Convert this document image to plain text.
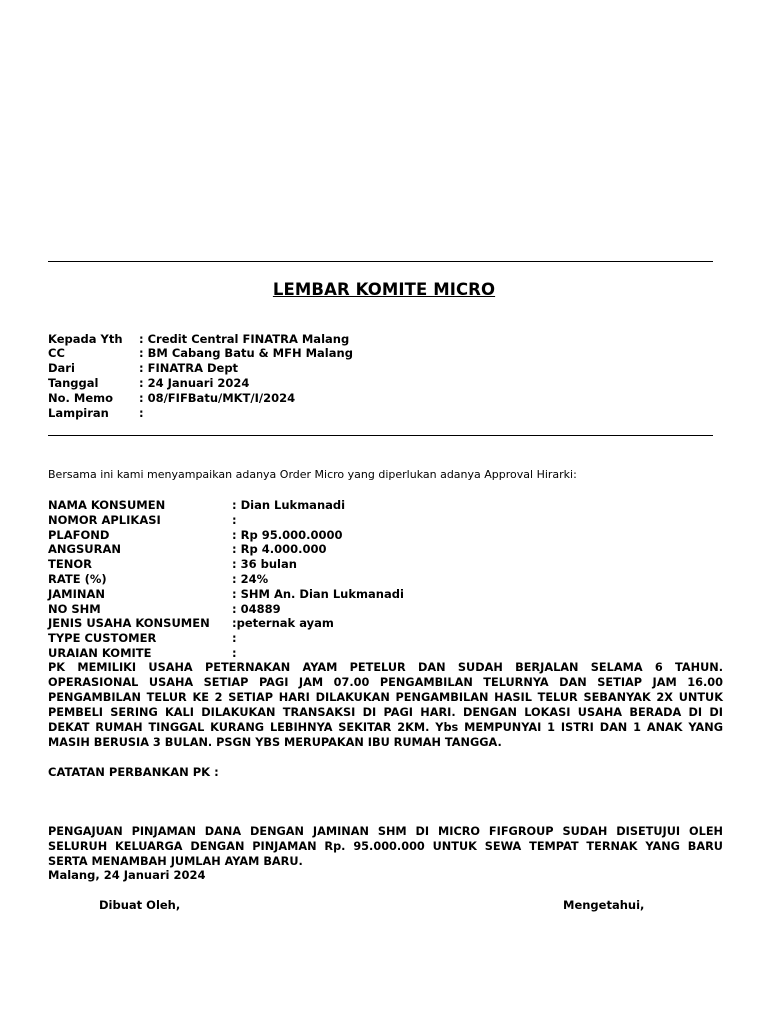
LEMBAR KOMITE MICRO
Kepada Yth : Credit Central FINATRA Malang
CC	: BM Cabang Batu & MFH Malang
Dari	: FINATRA Dept
Tanggal	: 24 Januari 2024
No. Memo : 08/FIFBatu/MKT/I/2024
Lampiran	:
Bersama ini kami menyampaikan adanya Order Micro yang diperlukan adanya Approval Hirarki:
NAMA KONSUMEN	: Dian Lukmanadi
NOMOR APLIKASI	:
PLAFOND	: Rp 95.000.0000
ANGSURAN	: Rp 4.000.000
TENOR	: 36 bulan
RATE (%)	: 24%
JAMINAN	: SHM An. Dian Lukmanadi
NO SHM	: 04889
JENIS USAHA KONSUMEN :peternak ayam
TYPE CUSTOMER	:
URAIAN KOMITE	:
PK MEMILIKI USAHA PETERNAKAN AYAM PETELUR DAN SUDAH BERJALAN SELAMA 6 TAHUN. OPERASIONAL USAHA SETIAP PAGI JAM 07.00 PENGAMBILAN TELURNYA DAN SETIAP JAM 16.00 PENGAMBILAN TELUR KE 2 SETIAP HARI DILAKUKAN PENGAMBILAN HASIL TELUR SEBANYAK 2X UNTUK PEMBELI SERING KALI DILAKUKAN TRANSAKSI DI PAGI HARI. DENGAN LOKASI USAHA BERADA DI DI DEKAT RUMAH TINGGAL KURANG LEBIHNYA SEKITAR 2KM. Ybs MEMPUNYAI 1 ISTRI DAN 1 ANAK YANG MASIH BERUSIA 3 BULAN. PSGN YBS MERUPAKAN IBU RUMAH TANGGA.
CATATAN PERBANKAN PK :
PENGAJUAN PINJAMAN DANA DENGAN JAMINAN SHM DI MICRO FIFGROUP SUDAH DISETUJUI OLEH SELURUH KELUARGA DENGAN PINJAMAN Rp. 95.000.000 UNTUK SEWA TEMPAT TERNAK YANG BARU SERTA MENAMBAH JUMLAH AYAM BARU.
Malang, 24 Januari 2024
Dibuat Oleh,	Mengetahui,
